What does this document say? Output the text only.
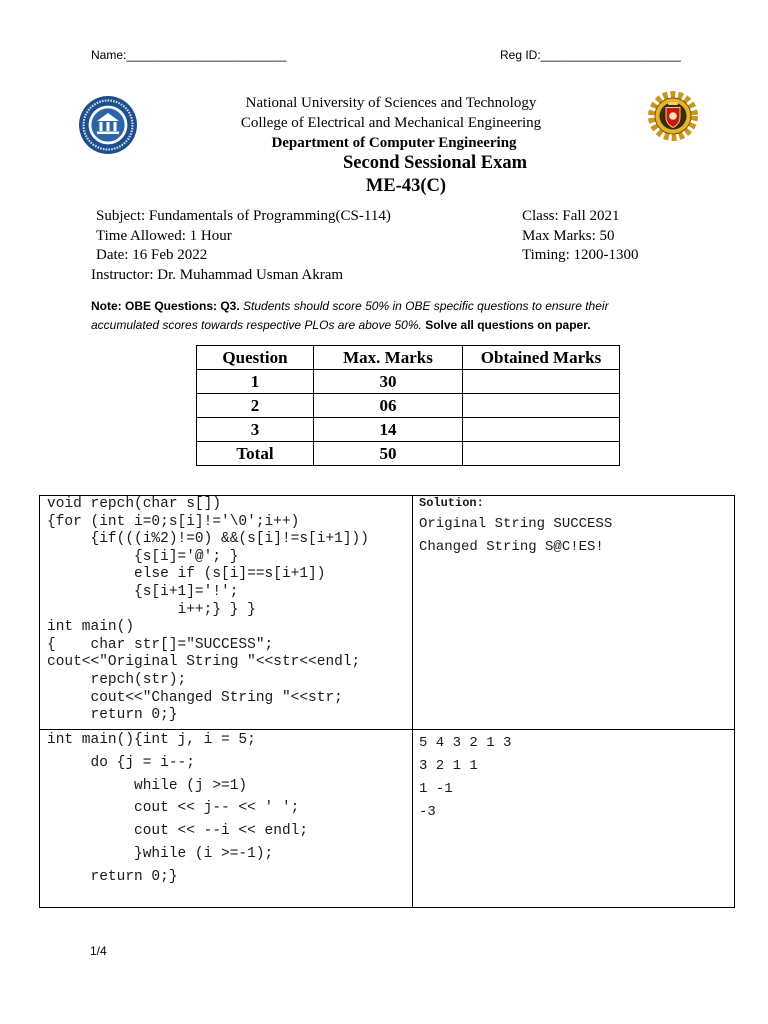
Name:________________________	Reg ID:_____________________
National University of Sciences and Technology
College of Electrical and Mechanical Engineering
Department of Computer Engineering
Second Sessional Exam
ME-43(C)
Subject: Fundamentals of Programming(CS-114)
Time Allowed: 1 Hour
Date: 16 Feb 2022
Instructor: Dr. Muhammad Usman Akram
Class: Fall 2021
Max Marks: 50
Timing: 1200-1300
Note: OBE Questions: Q3. Students should score 50% in OBE specific questions to ensure their
accumulated scores towards respective PLOs are above 50%. Solve all questions on paper.
Question	Max. Marks	Obtained Marks
1	30	
2	06	
3	14	
Total	50	
void repch(char s[])
{for (int i=0;s[i]!='\0';i++)
{if(((i%2)!=0) &&(s[i]!=s[i+1]))
{s[i]='@'; }
else if (s[i]==s[i+1])
{s[i+1]='!';
i++;} } }
int main()
{    char str[]="SUCCESS";
cout<<"Original String "<<str<<endl;
repch(str);
cout<<"Changed String "<<str;
return 0;}
Solution:
Original String SUCCESS
Changed String S@C!ES!
int main(){int j, i = 5;
do {j = i--;
while (j >=1)
cout << j-- << ' ';
cout << --i << endl;
}while (i >=-1);
return 0;}
5 4 3 2 1 3
3 2 1 1
1 -1
-3
1/4
